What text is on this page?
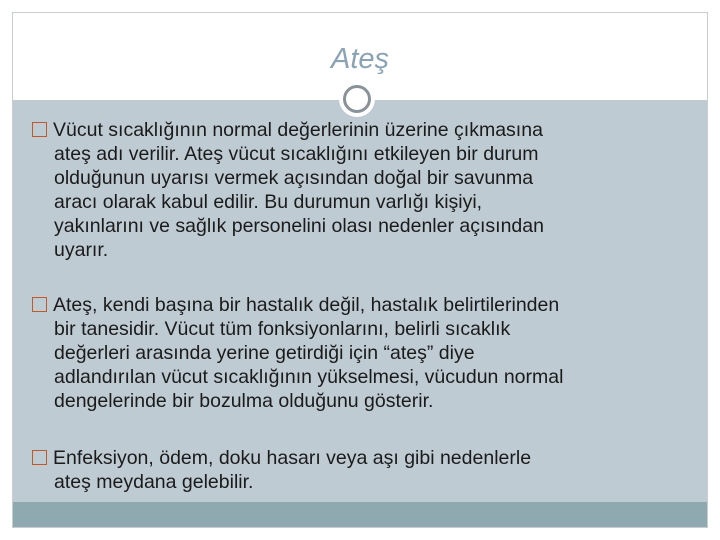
Ateş
Vücut sıcaklığının normal değerlerinin üzerine çıkmasına
ateş adı verilir. Ateş vücut sıcaklığını etkileyen bir durum
olduğunun uyarısı vermek açısından doğal bir savunma
aracı olarak kabul edilir. Bu durumun varlığı kişiyi,
yakınlarını ve sağlık personelini olası nedenler açısından
uyarır.
Ateş, kendi başına bir hastalık değil, hastalık belirtilerinden
bir tanesidir. Vücut tüm fonksiyonlarını, belirli sıcaklık
değerleri arasında yerine getirdiği için “ateş” diye
adlandırılan vücut sıcaklığının yükselmesi, vücudun normal
dengelerinde bir bozulma olduğunu gösterir.
Enfeksiyon, ödem, doku hasarı veya aşı gibi nedenlerle
ateş meydana gelebilir.
